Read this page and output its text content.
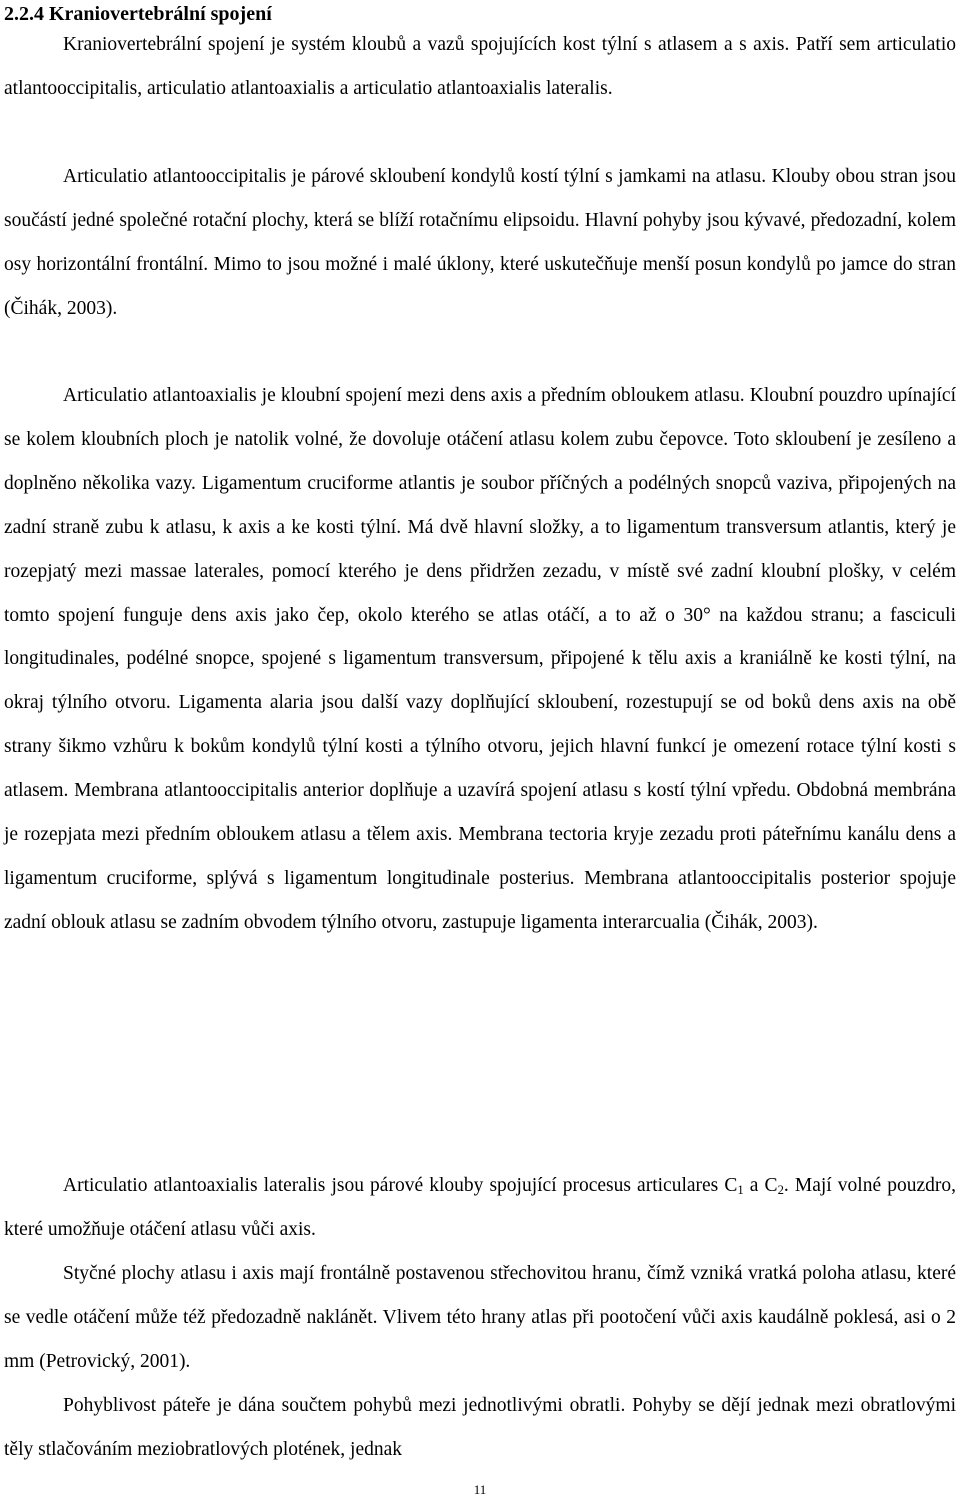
2.2.4 Kraniovertebrální spojení

Kraniovertebrální spojení je systém kloubů a vazů spojujících kost týlní s atlasem a s axis. Patří sem articulatio atlantooccipitalis, articulatio atlantoaxialis a articulatio atlantoaxialis lateralis.

Articulatio atlantooccipitalis je párové skloubení kondylů kostí týlní s jamkami na atlasu. Klouby obou stran jsou součástí jedné společné rotační plochy, která se blíží rotačnímu elipsoidu. Hlavní pohyby jsou kývavé, předozadní, kolem osy horizontální frontální. Mimo to jsou možné i malé úklony, které uskutečňuje menší posun kondylů po jamce do stran (Čihák, 2003).

Articulatio atlantoaxialis je kloubní spojení mezi dens axis a předním obloukem atlasu. Kloubní pouzdro upínající se kolem kloubních ploch je natolik volné, že dovoluje otáčení atlasu kolem zubu čepovce. Toto skloubení je zesíleno a doplněno několika vazy. Ligamentum cruciforme atlantis je soubor příčných a podélných snopců vaziva, připojených na zadní straně zubu k atlasu, k axis a ke kosti týlní. Má dvě hlavní složky, a to ligamentum transversum atlantis, který je rozepjatý mezi massae laterales, pomocí kterého je dens přidržen zezadu, v místě své zadní kloubní plošky, v celém tomto spojení funguje dens axis jako čep, okolo kterého se atlas otáčí, a to až o 30° na každou stranu; a fasciculi longitudinales, podélné snopce, spojené s ligamentum transversum, připojené k tělu axis a kraniálně ke kosti týlní, na okraj týlního otvoru. Ligamenta alaria jsou další vazy doplňující skloubení, rozestupují se od boků dens axis na obě strany šikmo vzhůru k bokům kondylů týlní kosti a týlního otvoru, jejich hlavní funkcí je omezení rotace týlní kosti s atlasem. Membrana atlantooccipitalis anterior doplňuje a uzavírá spojení atlasu s kostí týlní vpředu. Obdobná membrána je rozepjata mezi předním obloukem atlasu a tělem axis. Membrana tectoria kryje zezadu proti páteřnímu kanálu dens a ligamentum cruciforme, splývá s ligamentum longitudinale posterius. Membrana atlantooccipitalis posterior spojuje zadní oblouk atlasu se zadním obvodem týlního otvoru, zastupuje ligamenta interarcualia (Čihák, 2003).

Articulatio atlantoaxialis lateralis jsou párové klouby spojující procesus articulares $C_1$ a $C_2$. Mají volné pouzdro, které umožňuje otáčení atlasu vůči axis.

Styčné plochy atlasu i axis mají frontálně postavenou střechovitou hranu, čímž vzniká vratká poloha atlasu, které se vedle otáčení může též předozadně naklánět. Vlivem této hrany atlas při pootočení vůči axis kaudálně poklesá, asi o 2 mm (Petrovický, 2001).

Pohyblivost páteře je dána součtem pohybů mezi jednotlivými obratli. Pohyby se dějí jednak mezi obratlovými těly stlačováním meziobratlových plotének, jednak

11
